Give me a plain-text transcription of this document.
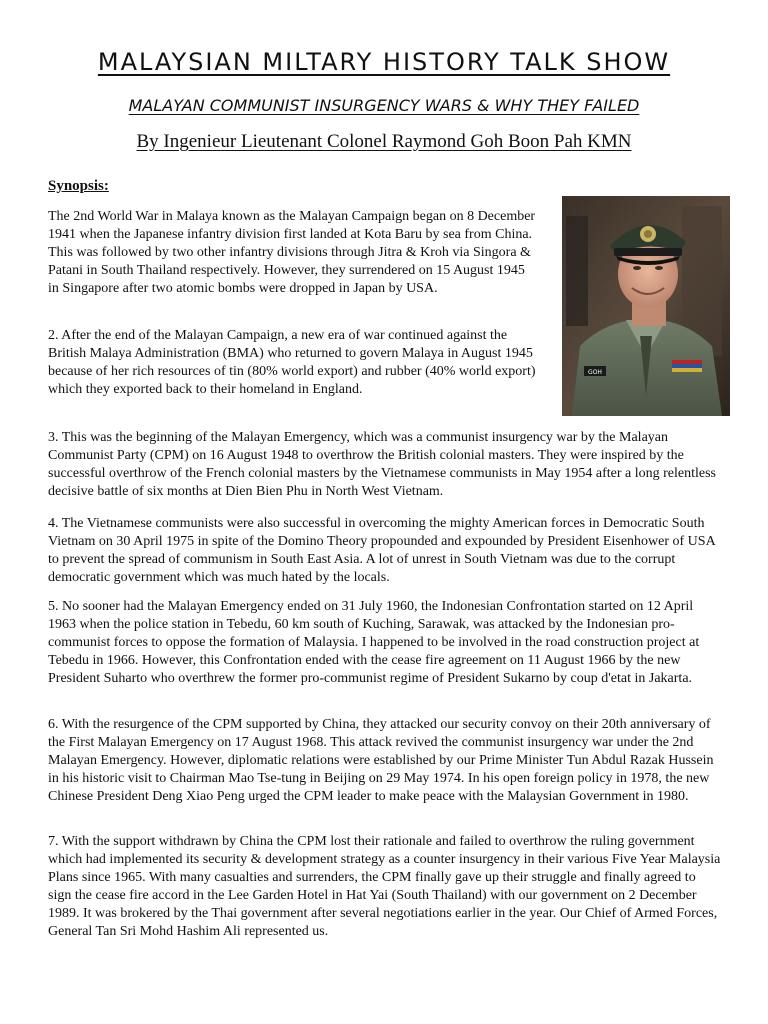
MALAYSIAN MILTARY HISTORY TALK SHOW
MALAYAN COMMUNIST INSURGENCY WARS & WHY THEY FAILED
By Ingenieur Lieutenant Colonel Raymond Goh Boon Pah KMN
Synopsis:

The 2nd World War in Malaya known as the Malayan Campaign began on 8 December 1941 when the Japanese infantry division first landed at Kota Baru by sea from China. This was followed by two other infantry divisions through Jitra & Kroh via Singora & Patani in South Thailand respectively. However, they surrendered on 15 August 1945 in Singapore after two atomic bombs were dropped in Japan by USA.

2. After the end of the Malayan Campaign, a new era of war continued against the British Malaya Administration (BMA) who returned to govern Malaya in August 1945 because of her rich resources of tin (80% world export) and rubber (40% world export) which they exported back to their homeland in England.

3. This was the beginning of the Malayan Emergency, which was a communist insurgency war by the Malayan Communist Party (CPM) on 16 August 1948 to overthrow the British colonial masters. They were inspired by the successful overthrow of the French colonial masters by the Vietnamese communists in May 1954 after a long relentless decisive battle of six months at Dien Bien Phu in North West Vietnam.

4. The Vietnamese communists were also successful in overcoming the mighty American forces in Democratic South Vietnam on 30 April 1975 in spite of the Domino Theory propounded and expounded by President Eisenhower of USA to prevent the spread of communism in South East Asia. A lot of unrest in South Vietnam was due to the corrupt democratic government which was much hated by the locals.

5. No sooner had the Malayan Emergency ended on 31 July 1960, the Indonesian Confrontation started on 12 April 1963 when the police station in Tebedu, 60 km south of Kuching, Sarawak, was attacked by the Indonesian pro-communist forces to oppose the formation of Malaysia. I happened to be involved in the road construction project at Tebedu in 1966. However, this Confrontation ended with the cease fire agreement on 11 August 1966 by the new President Suharto who overthrew the former pro-communist regime of President Sukarno by coup d'etat in Jakarta.

6. With the resurgence of the CPM supported by China, they attacked our security convoy on their 20th anniversary of the First Malayan Emergency on 17 August 1968. This attack revived the communist insurgency war under the 2nd Malayan Emergency. However, diplomatic relations were established by our Prime Minister Tun Abdul Razak Hussein in his historic visit to Chairman Mao Tse-tung in Beijing on 29 May 1974. In his open foreign policy in 1978, the new Chinese President Deng Xiao Peng urged the CPM leader to make peace with the Malaysian Government in 1980.

7. With the support withdrawn by China the CPM lost their rationale and failed to overthrow the ruling government which had implemented its security & development strategy as a counter insurgency in their various Five Year Malaysia Plans since 1965. With many casualties and surrenders, the CPM finally gave up their struggle and finally agreed to sign the cease fire accord in the Lee Garden Hotel in Hat Yai (South Thailand) with our government on 2 December 1989. It was brokered by the Thai government after several negotiations earlier in the year. Our Chief of Armed Forces, General Tan Sri Mohd Hashim Ali represented us.

GOH
